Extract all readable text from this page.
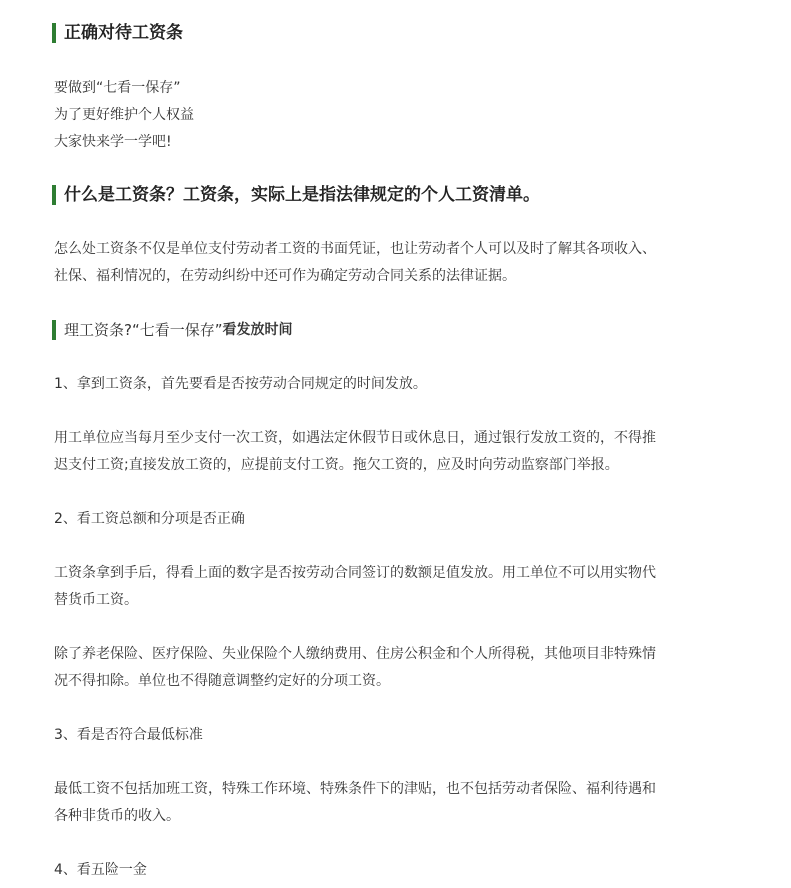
正确对待工资条
要做到“七看一保存”
为了更好维护个人权益
大家快来学一学吧!
什么是工资条？工资条，实际上是指法律规定的个人工资清单。
怎么处工资条不仅是单位支付劳动者工资的书面凭证，也让劳动者个人可以及时了解其各项收入、
社保、福利情况的，在劳动纠纷中还可作为确定劳动合同关系的法律证据。
理工资条?“七看一保存” 看发放时间
1、拿到工资条，首先要看是否按劳动合同规定的时间发放。
用工单位应当每月至少支付一次工资，如遇法定休假节日或休息日，通过银行发放工资的，不得推
迟支付工资;直接发放工资的，应提前支付工资。拖欠工资的，应及时向劳动监察部门举报。
2、看工资总额和分项是否正确
工资条拿到手后，得看上面的数字是否按劳动合同签订的数额足值发放。用工单位不可以用实物代
替货币工资。
除了养老保险、医疗保险、失业保险个人缴纳费用、住房公积金和个人所得税，其他项目非特殊情
况不得扣除。单位也不得随意调整约定好的分项工资。
3、看是否符合最低标准
最低工资不包括加班工资，特殊工作环境、特殊条件下的津贴，也不包括劳动者保险、福利待遇和
各种非货币的收入。
4、看五险一金
